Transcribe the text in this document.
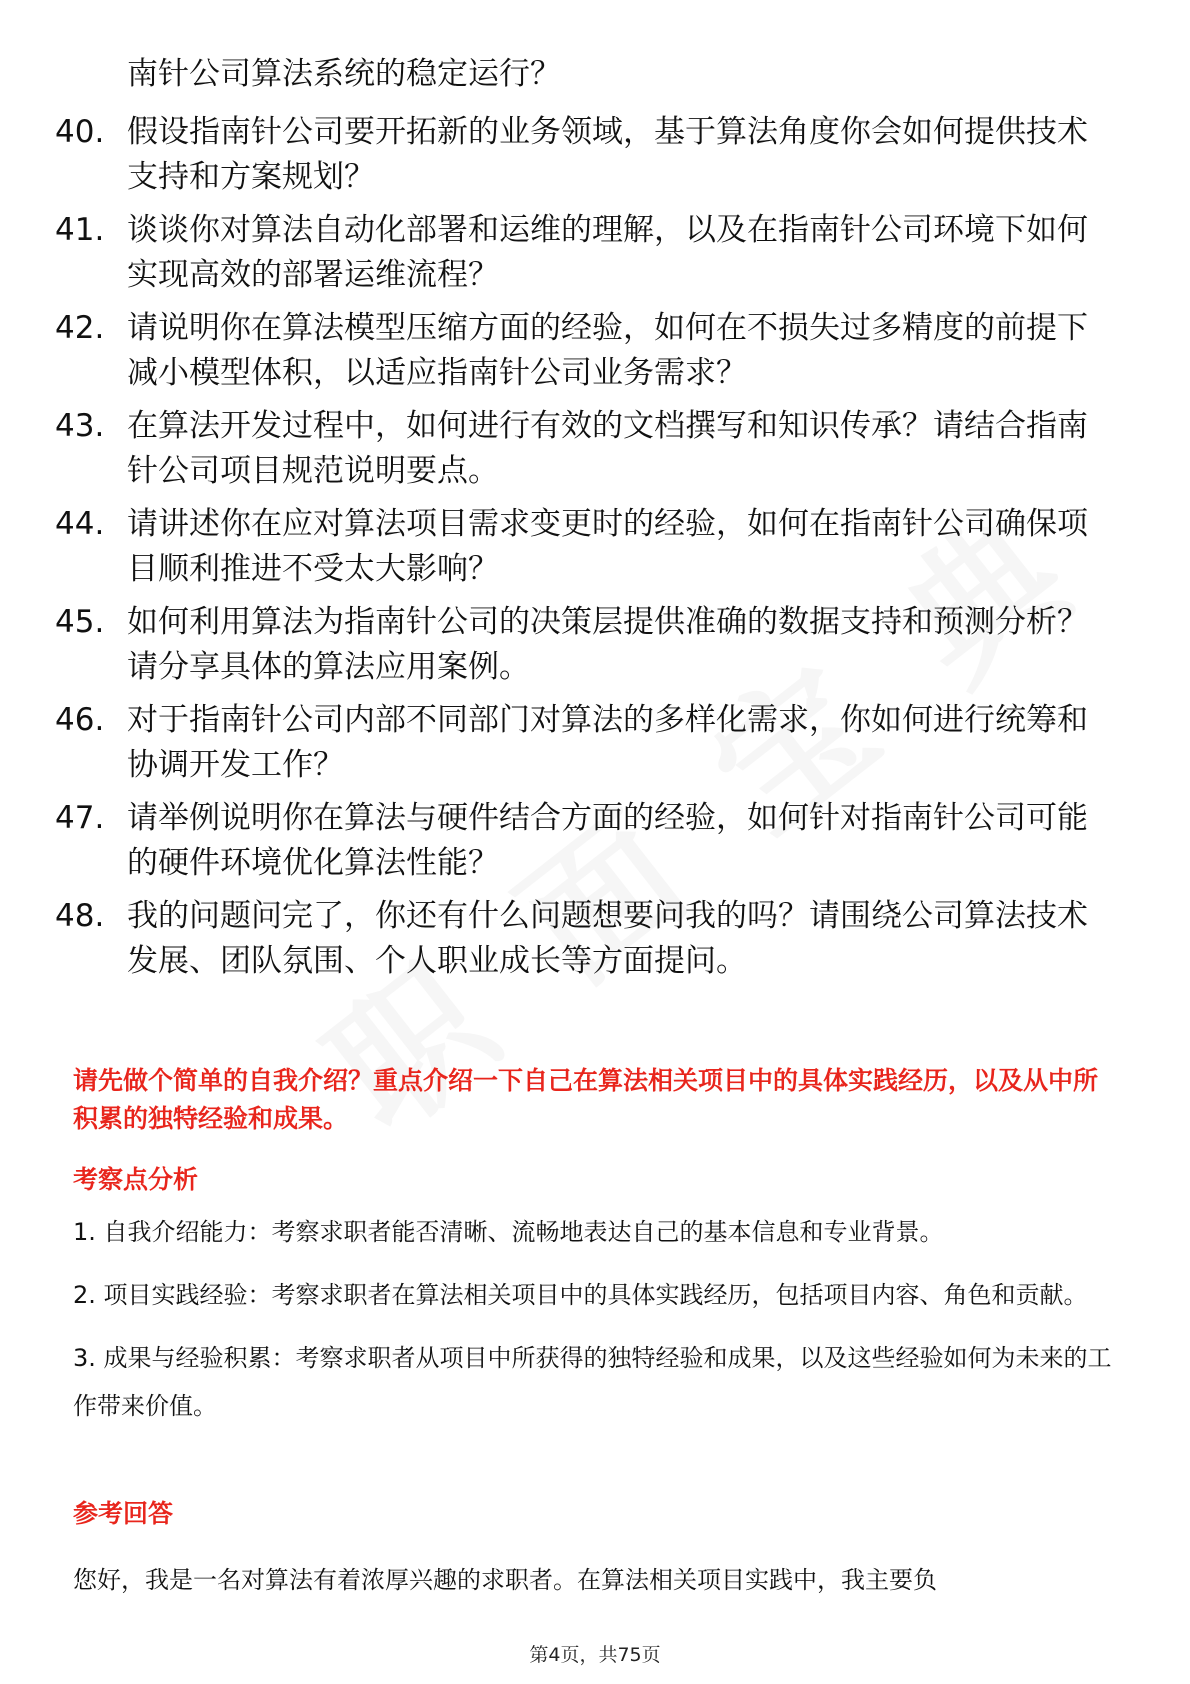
南针公司算法系统的稳定运行？
40. 假设指南针公司要开拓新的业务领域，基于算法角度你会如何提供技术支持和方案规划？
41. 谈谈你对算法自动化部署和运维的理解，以及在指南针公司环境下如何实现高效的部署运维流程？
42. 请说明你在算法模型压缩方面的经验，如何在不损失过多精度的前提下减小模型体积，以适应指南针公司业务需求？
43. 在算法开发过程中，如何进行有效的文档撰写和知识传承？请结合指南针公司项目规范说明要点。
44. 请讲述你在应对算法项目需求变更时的经验，如何在指南针公司确保项目顺利推进不受太大影响？
45. 如何利用算法为指南针公司的决策层提供准确的数据支持和预测分析？请分享具体的算法应用案例。
46. 对于指南针公司内部不同部门对算法的多样化需求，你如何进行统筹和协调开发工作？
47. 请举例说明你在算法与硬件结合方面的经验，如何针对指南针公司可能的硬件环境优化算法性能？
48. 我的问题问完了，你还有什么问题想要问我的吗？请围绕公司算法技术发展、团队氛围、个人职业成长等方面提问。
请先做个简单的自我介绍？重点介绍一下自己在算法相关项目中的具体实践经历，以及从中所积累的独特经验和成果。
考察点分析

1. 自我介绍能力：考察求职者能否清晰、流畅地表达自己的基本信息和专业背景。

2. 项目实践经验：考察求职者在算法相关项目中的具体实践经历，包括项目内容、角色和贡献。

3. 成果与经验积累：考察求职者从项目中所获得的独特经验和成果，以及这些经验如何为未来的工作带来价值。

参考回答

您好，我是一名对算法有着浓厚兴趣的求职者。在算法相关项目实践中，我主要负

第4页，共75页
